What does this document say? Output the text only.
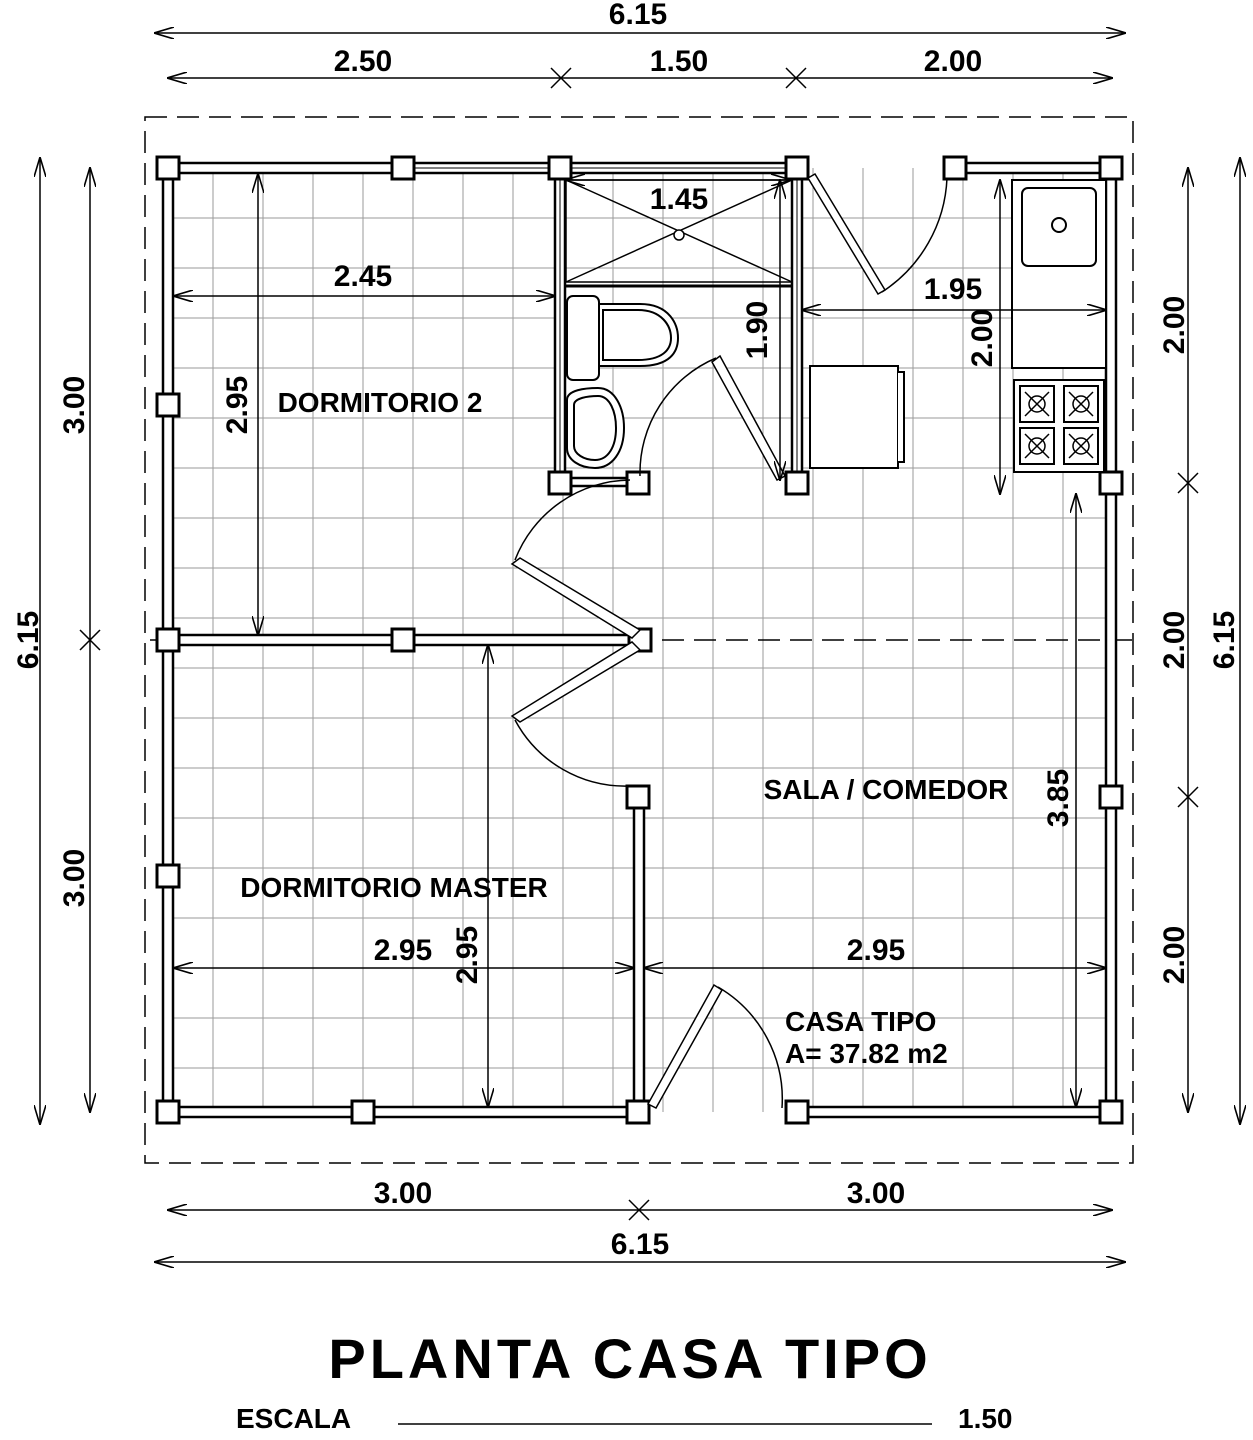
6.15
2.50	1.50	2.00
3.00	3.00
6.15
6.15
3.00
3.00
2.00
2.00
2.00
6.15
1.45
1.90
2.45
2.95
1.95
2.00
2.95 2.95	2.95
3.85
DORMITORIO 2
DORMITORIO MASTER
SALA / COMEDOR
CASA TIPO
A= 37.82 m2
PLANTA CASA TIPO
ESCALA	1.50
